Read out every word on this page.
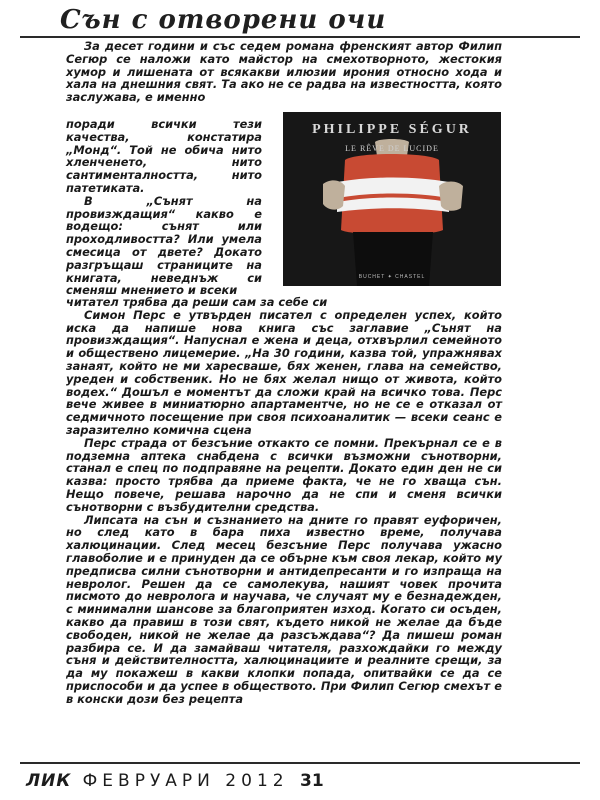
Сън с отворени очи

За десет години и със седем романа френският автор Филип Сегюр се наложи като майстор на смехотворното, жестокия хумор и лишената от всякакви илюзии ирония относно хода и хала на днешния свят. Та ако не се радва на известността, която заслужава, е именно

поради всички тези качества, констатира „Монд“. Той не обича нито хленченето, нито сантименталността, нито патетиката.

В „Сънят на провизждащия“ какво е водещо: сънят или проходливостта? Или умела смесица от двете? Докато разгръщаш страниците на книгата, неведнъж си сменяш мнението и всеки

PHILIPPE SÉGUR
LE RÊVE DE LUCIDE
BUCHET ✦ CHASTEL

читател трябва да реши сам за себе си

Симон Перс е утвърден писател с определен успех, който иска да напише нова книга със заглавие „Сънят на провизждащия“. Напуснал е жена и деца, отхвърлил семейното и обществено лицемерие. „На 30 години, казва той, упражнявах занаят, който не ми харесваше, бях женен, глава на семейство, уреден и собственик. Но не бях желал нищо от живота, който водех.“ Дошъл е моментът да сложи край на всичко това. Перс вече живее в миниатюрно апартаментче, но не се е отказал от седмичното посещение при своя психоаналитик — всеки сеанс е заразително комична сцена

Перс страда от безсъние откакто се помни. Прекърнал се е в подземна аптека снабдена с всички възможни сънотворни, станал е спец по подправяне на рецепти. Докато един ден не си казва: просто трябва да приеме факта, че не го хваща сън. Нещо повече, решава нарочно да не спи и сменя всички сънотворни с възбудителни средства.

Липсата на сън и съзнанието на дните го правят еуфоричен, но след като в бара пиха известно време, получава халюцинации. След месец безсъние Перс получава ужасно главоболие и е принуден да се обърне към своя лекар, който му предписва силни сънотворни и антидепресанти и го изпраща на невролог. Решен да се самолекува, нашият човек прочита писмото до невролога и научава, че случаят му е безнадежден, с минимални шансове за благоприятен изход. Когато си осъден, какво да правиш в този свят, където никой не желае да бъде свободен, никой не желае да разсъждава“? Да пишеш роман разбира се. И да замайваш читателя, разхождайки го между съня и действителността, халюцинациите и реалните срещи, за да му покажеш в какви клопки попада, опитвайки се да се приспособи и да успее в обществото. При Филип Сегюр смехът е в конски дози без рецепта

ЛИК ФЕВРУАРИ 2012 31
